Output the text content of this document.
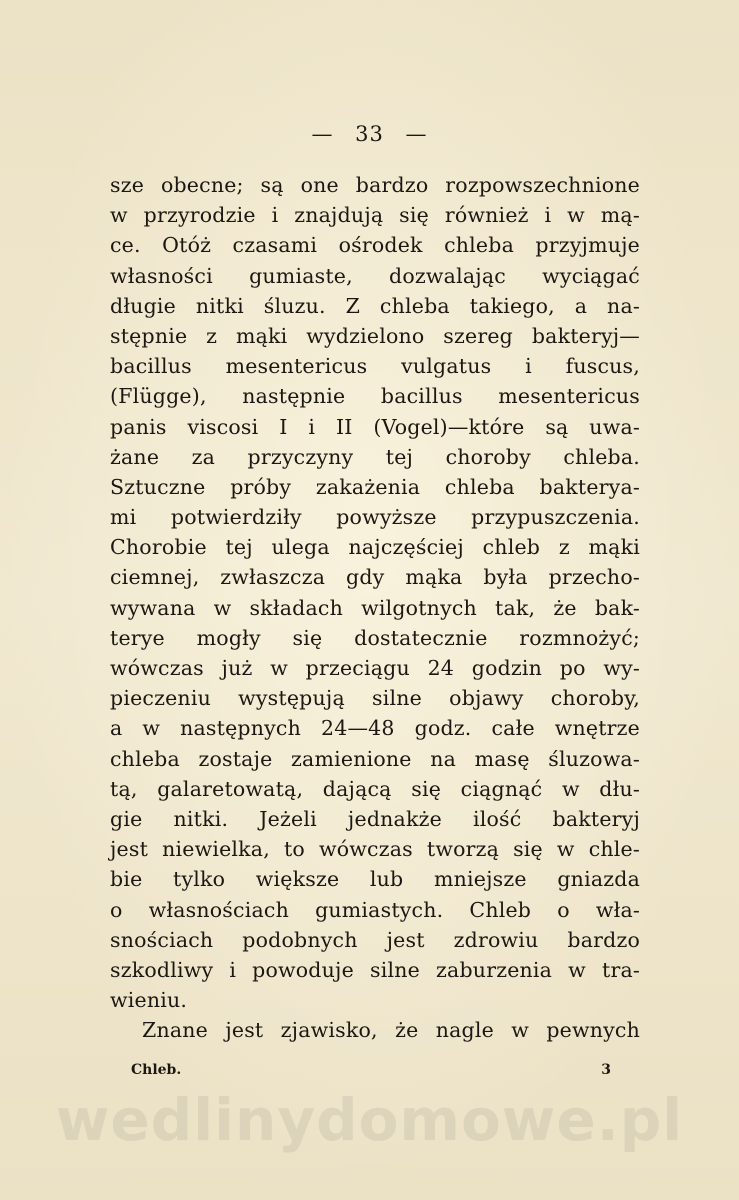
— 33 —
sze obecne; są one bardzo rozpowszechnione
w przyrodzie i znajdują się również i w mą-
ce. Otóż czasami ośrodek chleba przyjmuje
własności gumiaste, dozwalając wyciągać
długie nitki śluzu. Z chleba takiego, a na-
stępnie z mąki wydzielono szereg bakteryj—
bacillus mesentericus vulgatus i fuscus,
(Flügge), następnie bacillus mesentericus
panis viscosi I i II (Vogel)—które są uwa-
żane za przyczyny tej choroby chleba.
Sztuczne próby zakażenia chleba bakterya-
mi potwierdziły powyższe przypuszczenia.
Chorobie tej ulega najczęściej chleb z mąki
ciemnej, zwłaszcza gdy mąka była przecho-
wywana w składach wilgotnych tak, że bak-
terye mogły się dostatecznie rozmnożyć;
wówczas już w przeciągu 24 godzin po wy-
pieczeniu występują silne objawy choroby,
a w następnych 24—48 godz. całe wnętrze
chleba zostaje zamienione na masę śluzowa-
tą, galaretowatą, dającą się ciągnąć w dłu-
gie nitki. Jeżeli jednakże ilość bakteryj
jest niewielka, to wówczas tworzą się w chle-
bie tylko większe lub mniejsze gniazda
o własnościach gumiastych. Chleb o wła-
snościach podobnych jest zdrowiu bardzo
szkodliwy i powoduje silne zaburzenia w tra-
wieniu.
Znane jest zjawisko, że nagle w pewnych
Chleb.	3
wedlinydomowe.pl
